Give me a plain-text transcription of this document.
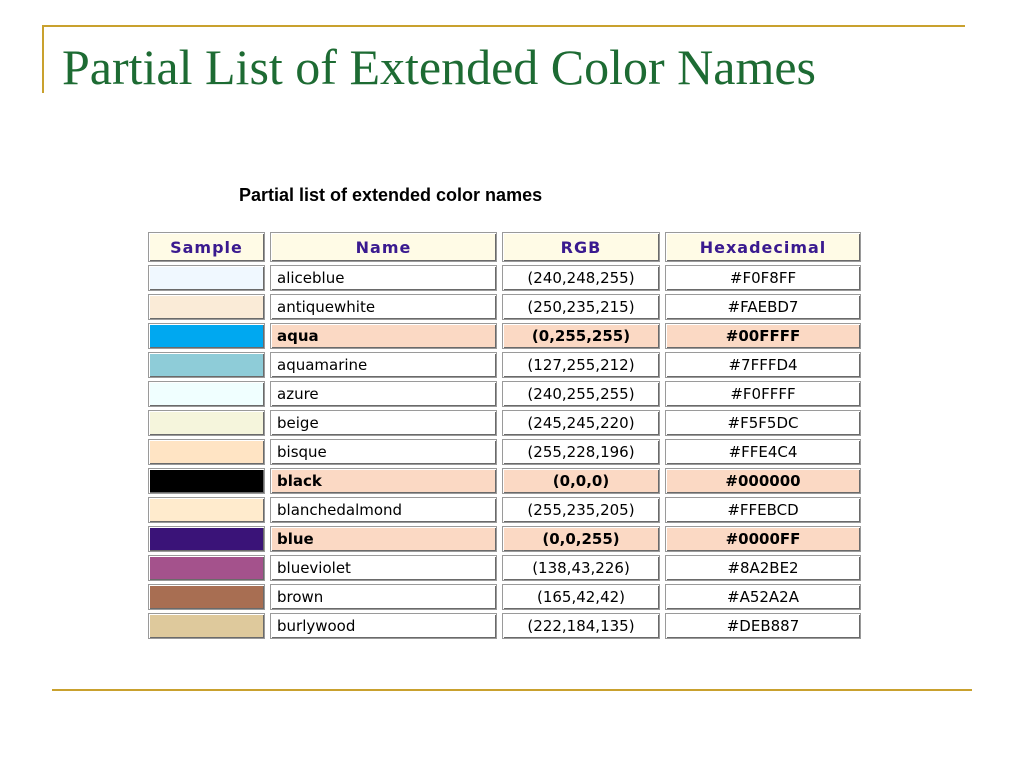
Partial List of Extended Color Names

Partial list of extended color names

Sample	Name	RGB	Hexadecimal
	aliceblue	(240,248,255)	#F0F8FF
	antiquewhite	(250,235,215)	#FAEBD7
	aqua	(0,255,255)	#00FFFF
	aquamarine	(127,255,212)	#7FFFD4
	azure	(240,255,255)	#F0FFFF
	beige	(245,245,220)	#F5F5DC
	bisque	(255,228,196)	#FFE4C4
	black	(0,0,0)	#000000
	blanchedalmond	(255,235,205)	#FFEBCD
	blue	(0,0,255)	#0000FF
	blueviolet	(138,43,226)	#8A2BE2
	brown	(165,42,42)	#A52A2A
	burlywood	(222,184,135)	#DEB887
